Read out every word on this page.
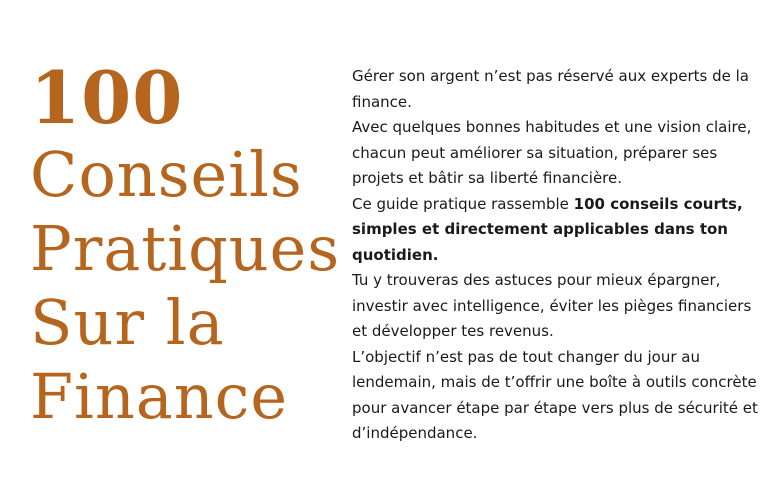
100
Conseils
Pratiques
Sur la
Finance

Gérer son argent n’est pas réservé aux experts de la finance.

Avec quelques bonnes habitudes et une vision claire, chacun peut améliorer sa situation, préparer ses projets et bâtir sa liberté financière.

Ce guide pratique rassemble 100 conseils courts, simples et directement applicables dans ton quotidien.

Tu y trouveras des astuces pour mieux épargner, investir avec intelligence, éviter les pièges financiers et développer tes revenus.

L’objectif n’est pas de tout changer du jour au lendemain, mais de t’offrir une boîte à outils concrète pour avancer étape par étape vers plus de sécurité et d’indépendance.
